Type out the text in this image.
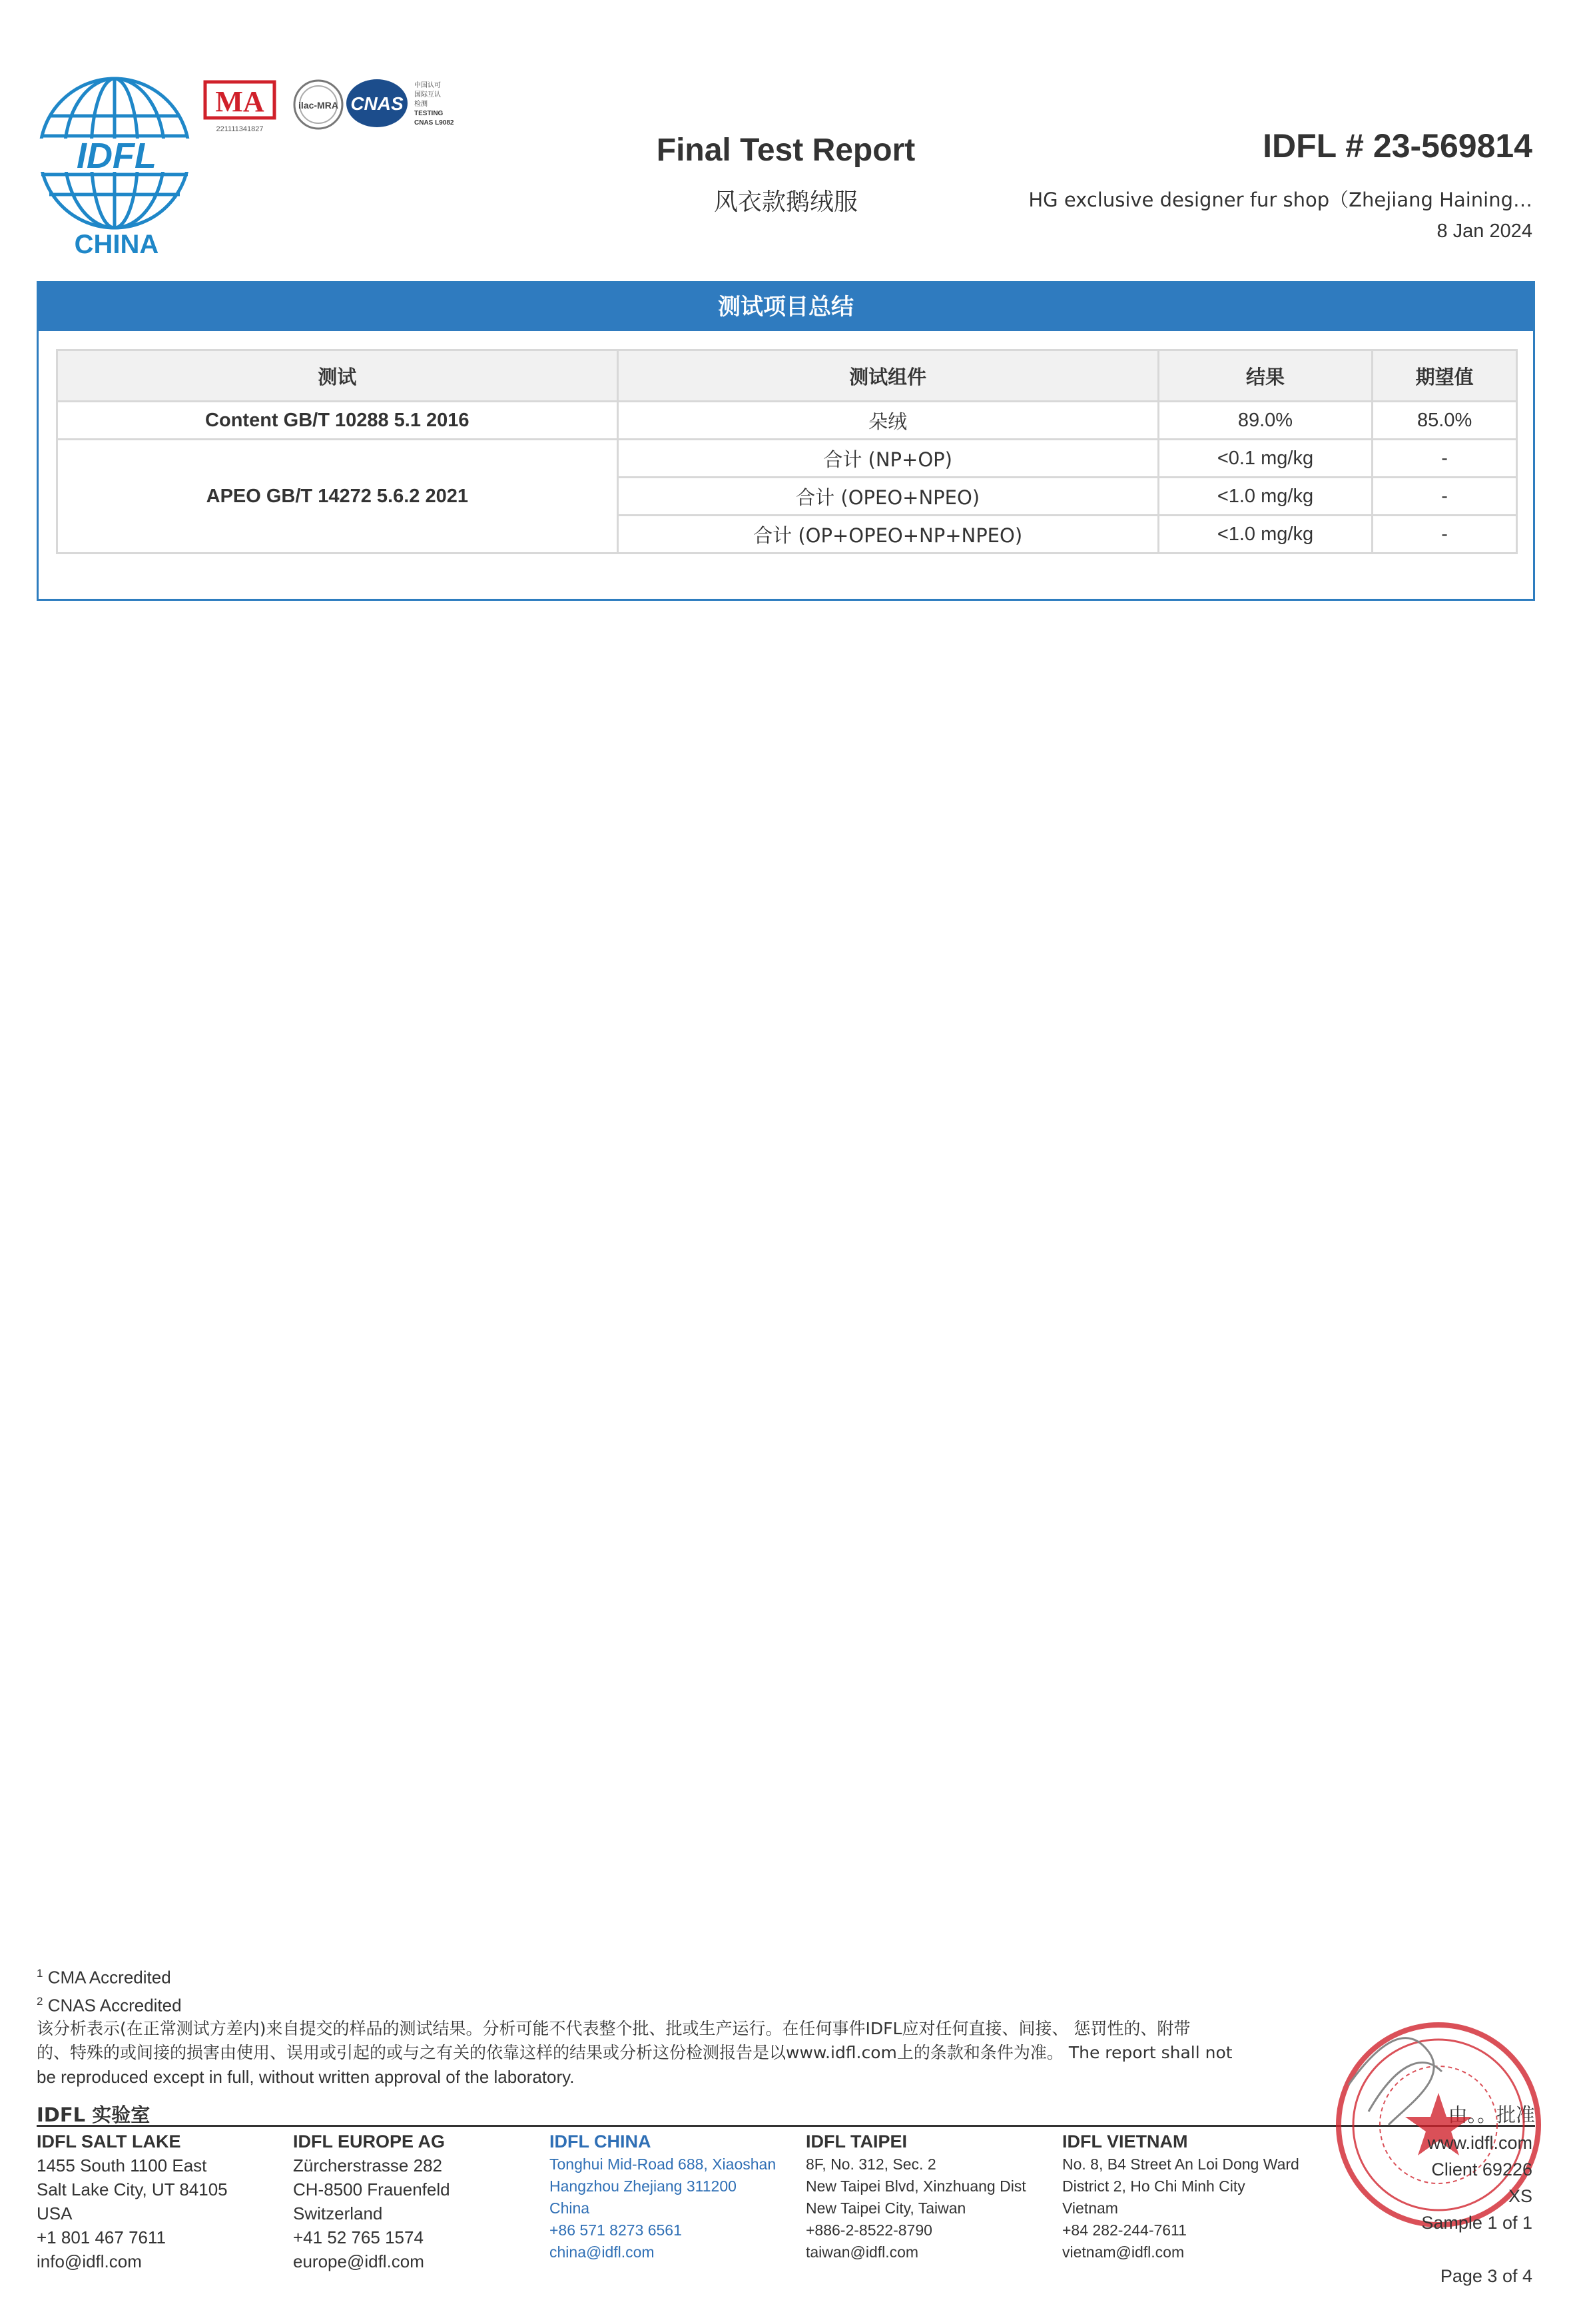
IDFL
CHINA
MA
221111341827
ilac-MRA CNAS
中国认可
国际互认
检测
TESTING
CNAS L9082
Final Test Report
风衣款鹅绒服
IDFL # 23-569814
HG exclusive designer fur shop（Zhejiang Haining…
8 Jan 2024
测试项目总结
测试	测试组件	结果	期望值
Content GB/T 10288 5.1 2016	朵绒	89.0%	85.0%
APEO GB/T 14272 5.6.2 2021	合计 (NP+OP)	<0.1 mg/kg	-
	合计 (OPEO+NPEO)	<1.0 mg/kg	-
	合计 (OP+OPEO+NP+NPEO)	<1.0 mg/kg	-
$^1$ CMA Accredited
$^2$ CNAS Accredited
该分析表示(在正常测试方差内)来自提交的样品的测试结果。分析可能不代表整个批、批或生产运行。在任何事件IDFL应对任何直接、间接、 惩罚性的、附带
的、特殊的或间接的损害由使用、误用或引起的或与之有关的依靠这样的结果或分析这份检测报告是以www.idfl.com上的条款和条件为准。 The report shall not
be reproduced except in full, without written approval of the laboratory.
IDFL 实验室	由。。批准
IDFL SALT LAKE
1455 South 1100 East
Salt Lake City, UT 84105
USA
+1 801 467 7611
info@idfl.com
IDFL EUROPE AG
Zürcherstrasse 282
CH-8500 Frauenfeld
Switzerland
+41 52 765 1574
europe@idfl.com
IDFL CHINA
Tonghui Mid-Road 688, Xiaoshan
Hangzhou Zhejiang 311200
China
+86 571 8273 6561
china@idfl.com
IDFL TAIPEI
8F, No. 312, Sec. 2
New Taipei Blvd, Xinzhuang Dist
New Taipei City, Taiwan
+886-2-8522-8790
taiwan@idfl.com
IDFL VIETNAM
No. 8, B4 Street An Loi Dong Ward
District 2, Ho Chi Minh City
Vietnam
+84 282-244-7611
vietnam@idfl.com
www.idfl.com
Client 69226
XS
Sample 1 of 1
Page 3 of 4
